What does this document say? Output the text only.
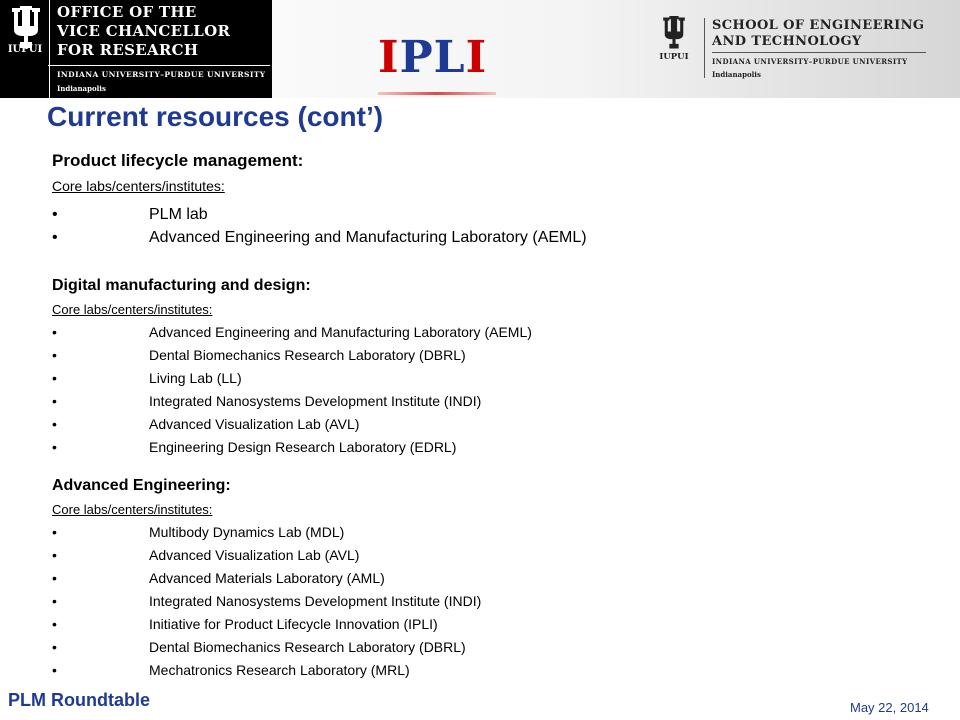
IUPUI
OFFICE OF THE
VICE CHANCELLOR
FOR RESEARCH
INDIANA UNIVERSITY–PURDUE UNIVERSITY
Indianapolis
IPLI	IUPUI
SCHOOL OF ENGINEERING
AND TECHNOLOGY
INDIANA UNIVERSITY–PURDUE UNIVERSITY
Indianapolis
Current resources (cont’)
Product lifecycle management:
Core labs/centers/institutes:
•	PLM lab
•	Advanced Engineering and Manufacturing Laboratory (AEML)
Digital manufacturing and design:
Core labs/centers/institutes:
•	Advanced Engineering and Manufacturing Laboratory (AEML)
•	Dental Biomechanics Research Laboratory (DBRL)
•	Living Lab (LL)
•	Integrated Nanosystems Development Institute (INDI)
•	Advanced Visualization Lab (AVL)
•	Engineering Design Research Laboratory (EDRL)
Advanced Engineering:
Core labs/centers/institutes:
•	Multibody Dynamics Lab (MDL)
•	Advanced Visualization Lab (AVL)
•	Advanced Materials Laboratory (AML)
•	Integrated Nanosystems Development Institute (INDI)
•	Initiative for Product Lifecycle Innovation (IPLI)
•	Dental Biomechanics Research Laboratory (DBRL)
•	Mechatronics Research Laboratory (MRL)
PLM Roundtable	May 22, 2014
